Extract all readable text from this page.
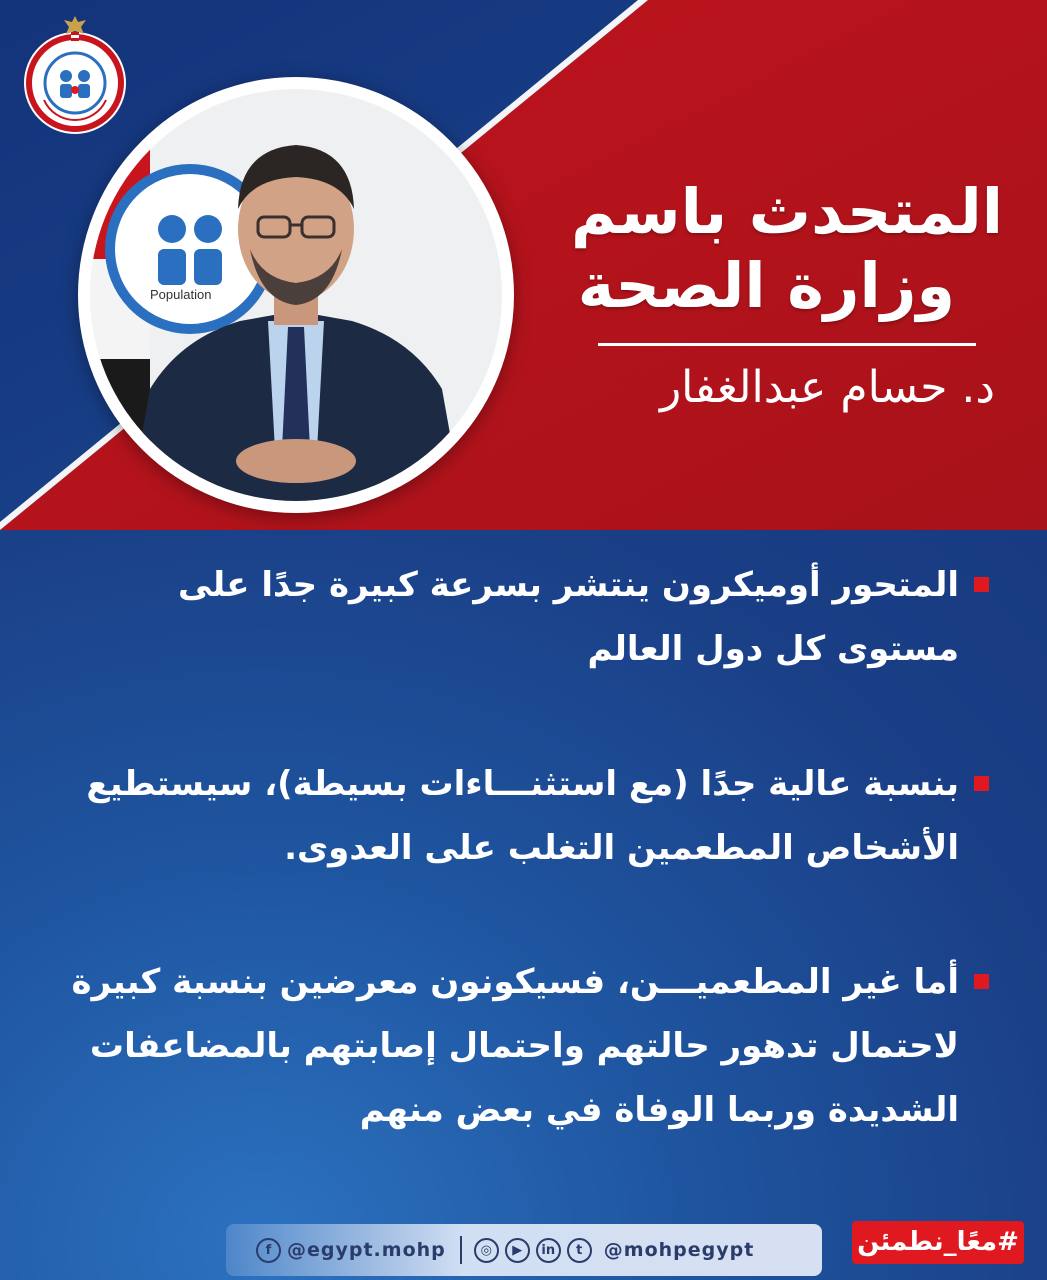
Population
المتحدث باسم
وزارة الصحة
د. حسام عبدالغفار
المتحور أوميكرون ينتشر بسرعة كبيرة جدًا على مستوى كل دول العالم
بنسبة عالية جدًا (مع استثنـــاءات بسيطة)، سيستطيع الأشخاص المطعمين التغلب على العدوى.
أما غير المطعميـــن، فسيكونون معرضين بنسبة كبيرة لاحتمال تدهور حالتهم واحتمال إصابتهم بالمضاعفات الشديدة وربما الوفاة في بعض منهم
f @egypt.mohp	◎	▶	in	t	@mohpegypt	#معًا_نطمئن
